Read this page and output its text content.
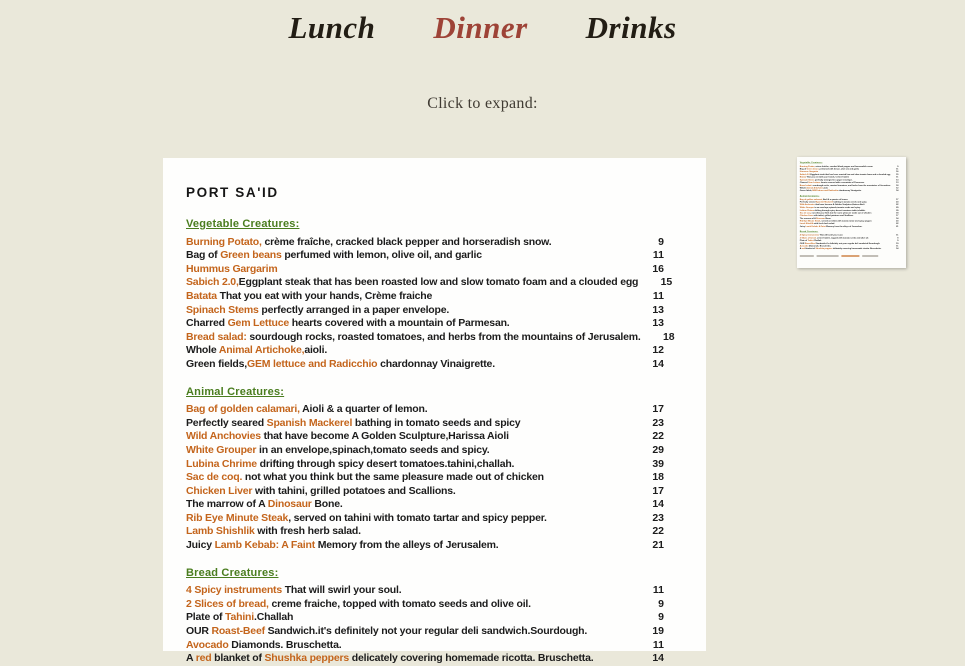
Lunch Dinner Drinks
Click to expand:
PORT SA'ID
Vegetable Creatures:
Burning Potato, crème fraîche, cracked black pepper and horseradish snow.	9
Bag of Green beans perfumed with lemon, olive oil, and garlic	11
Hummus Gargarim	16
Sabich 2.0,Eggplant steak that has been roasted low and slow tomato foam and a clouded egg	15
Batata That you eat with your hands, Crème fraiche	11
Spinach Stems perfectly arranged in a paper envelope.	13
Charred Gem Lettuce hearts covered with a mountain of Parmesan.	13
Bread salad: sourdough rocks, roasted tomatoes, and herbs from the mountains of Jerusalem.	18
Whole Animal Artichoke,aioli.	12
Green fields,GEM lettuce and Radicchio chardonnay Vinaigrette.	14
Animal Creatures:
Bag of golden calamari, Aioli & a quarter of lemon.	17
Perfectly seared Spanish Mackerel bathing in tomato seeds and spicy	23
Wild Anchovies that have become A Golden Sculpture,Harissa Aioli	22
White Grouper in an envelope,spinach,tomato seeds and spicy.	29
Lubina Chrime drifting through spicy desert tomatoes.tahini,challah.	39
Sac de coq. not what you think but the same pleasure made out of chicken	18
Chicken Liver with tahini, grilled potatoes and Scallions.	17
The marrow of A Dinosaur Bone.	14
Rib Eye Minute Steak, served on tahini with tomato tartar and spicy pepper.	23
Lamb Shishlik with fresh herb salad.	22
Juicy Lamb Kebab: A Faint Memory from the alleys of Jerusalem.	21
Bread Creatures:
4 Spicy instruments That will swirl your soul.	11
2 Slices of bread, creme fraiche, topped with tomato seeds and olive oil.	9
Plate of Tahini.Challah	9
OUR Roast-Beef Sandwich.it's definitely not your regular deli sandwich.Sourdough.	19
Avocado Diamonds. Bruschetta.	11
A red blanket of Shushka peppers delicately covering homemade ricotta. Bruschetta.	14
Vegetable Creatures:
Burning Potato, crème fraîche, cracked black pepper and horseradish snow.	9
Bag of Green beans perfumed with lemon, olive oil, and garlic	11
Hummus Gargarim	16
Sabich 2.0,Eggplant steak that has been roasted low and slow tomato foam and a clouded egg 15
Batata That you eat with your hands, Crème fraiche	11
Spinach Stems perfectly arranged in a paper envelope.	13
Charred Gem Lettuce hearts covered with a mountain of Parmesan.	13
Bread salad: sourdough rocks, roasted tomatoes, and herbs from the mountains of Jerusalem. 18
Whole Animal Artichoke,aioli.	12
Green fields,GEM lettuce and Radicchio chardonnay Vinaigrette.	14
Animal Creatures:
Bag of golden calamari, Aioli & a quarter of lemon.	17
Perfectly seared Spanish Mackerel bathing in tomato seeds and spicy	23
Wild Anchovies that have become A Golden Sculpture,Harissa Aioli	22
White Grouper in an envelope,spinach,tomato seeds and spicy.	29
Lubina Chrime drifting through spicy desert tomatoes.tahini,challah.	39
Sac de coq. not what you think but the same pleasure made out of chicken	18
Chicken Liver with tahini, grilled potatoes and Scallions.	17
The marrow of A Dinosaur Bone.	14
Rib Eye Minute Steak, served on tahini with tomato tartar and spicy pepper.	23
Lamb Shishlik with fresh herb salad.	22
Juicy Lamb Kebab: A Faint Memory from the alleys of Jerusalem.	21
Bread Creatures:
4 Spicy instruments That will swirl your soul.	11
2 Slices of bread, creme fraiche, topped with tomato seeds and olive oil.	9
Plate of Tahini.Challah	9
OUR Roast-Beef Sandwich.it's definitely not your regular deli sandwich.Sourdough.	19
Avocado Diamonds. Bruschetta.	11
A red blanket of Shushka peppers delicately covering homemade ricotta. Bruschetta.	14
